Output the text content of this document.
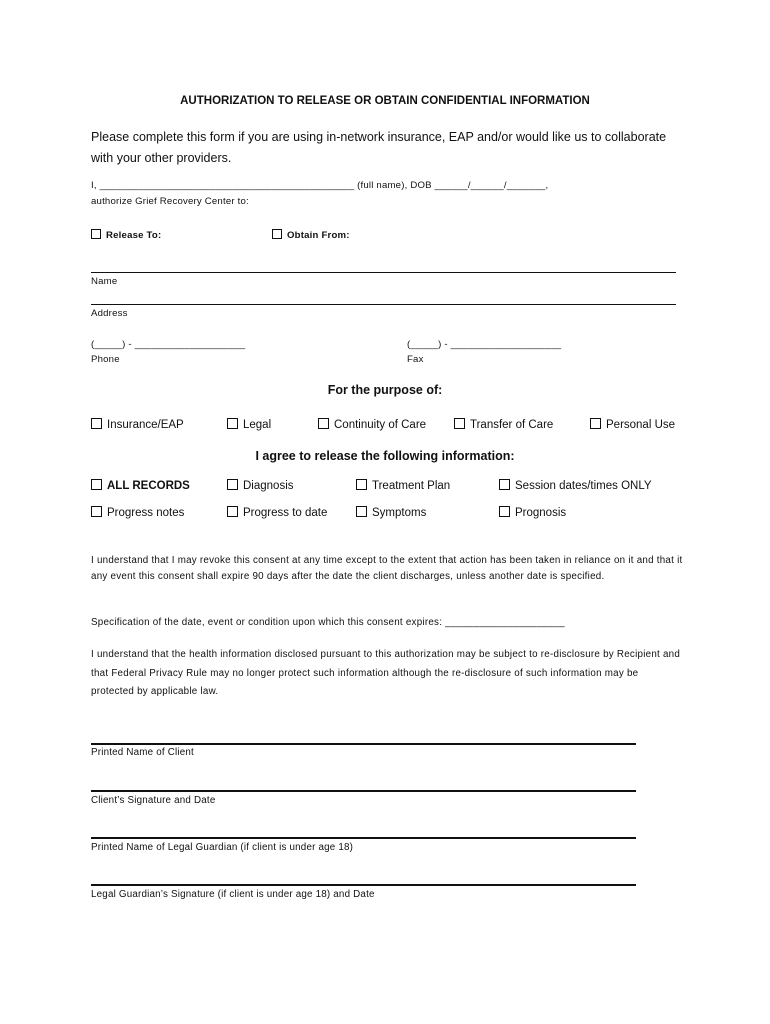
AUTHORIZATION TO RELEASE OR OBTAIN CONFIDENTIAL INFORMATION
Please complete this form if you are using in-network insurance, EAP and/or would like us to collaborate with your other providers.
I, ______________________________________________ (full name), DOB ______/______/_______,
authorize Grief Recovery Center to:
Release To:	Obtain From:
Name
Address
(_____) - ____________________
Phone
(_____) - ____________________
Fax
For the purpose of:
Insurance/EAP	Legal	Continuity of Care	Transfer of Care	Personal Use
I agree to release the following information:
ALL RECORDS	Diagnosis	Treatment Plan	Session dates/times ONLY
Progress notes	Progress to date	Symptoms	Prognosis
I understand that I may revoke this consent at any time except to the extent that action has been taken in reliance on it and that it any event this consent shall expire 90 days after the date the client discharges, unless another date is specified.
Specification of the date, event or condition upon which this consent expires: _____________________
I understand that the health information disclosed pursuant to this authorization may be subject to re-disclosure by Recipient and that Federal Privacy Rule may no longer protect such information although the re-disclosure of such information may be protected by applicable law.
Printed Name of Client
Client’s Signature and Date
Printed Name of Legal Guardian (if client is under age 18)
Legal Guardian’s Signature (if client is under age 18) and Date
